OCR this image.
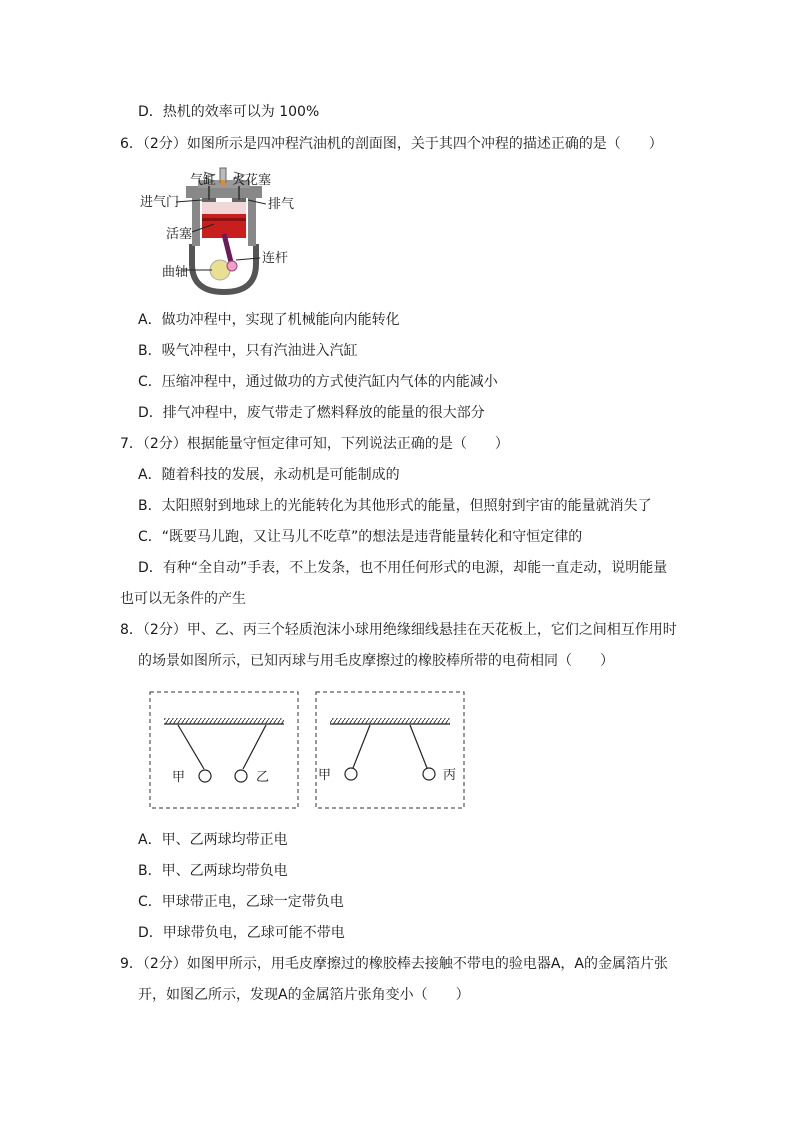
D．热机的效率可以为 100%
6．（2分）如图所示是四冲程汽油机的剖面图，关于其四个冲程的描述正确的是（　　）
气缸 火花塞
进气门	排气
活塞
连杆
曲轴
A．做功冲程中，实现了机械能向内能转化
B．吸气冲程中，只有汽油进入汽缸
C．压缩冲程中，通过做功的方式使汽缸内气体的内能减小
D．排气冲程中，废气带走了燃料释放的能量的很大部分
7．（2分）根据能量守恒定律可知，下列说法正确的是（　　）
A．随着科技的发展，永动机是可能制成的
B．太阳照射到地球上的光能转化为其他形式的能量，但照射到宇宙的能量就消失了
C．“既要马儿跑，又让马儿不吃草”的想法是违背能量转化和守恒定律的
D．有种“全自动”手表，不上发条，也不用任何形式的电源，却能一直走动，说明能量
也可以无条件的产生
8．（2分）甲、乙、丙三个轻质泡沫小球用绝缘细线悬挂在天花板上，它们之间相互作用时
的场景如图所示，已知丙球与用毛皮摩擦过的橡胶棒所带的电荷相同（　　）
甲	乙	甲	丙
A．甲、乙两球均带正电
B．甲、乙两球均带负电
C．甲球带正电，乙球一定带负电
D．甲球带负电，乙球可能不带电
9．（2分）如图甲所示，用毛皮摩擦过的橡胶棒去接触不带电的验电器A，A的金属箔片张
开，如图乙所示，发现A的金属箔片张角变小（　　）
